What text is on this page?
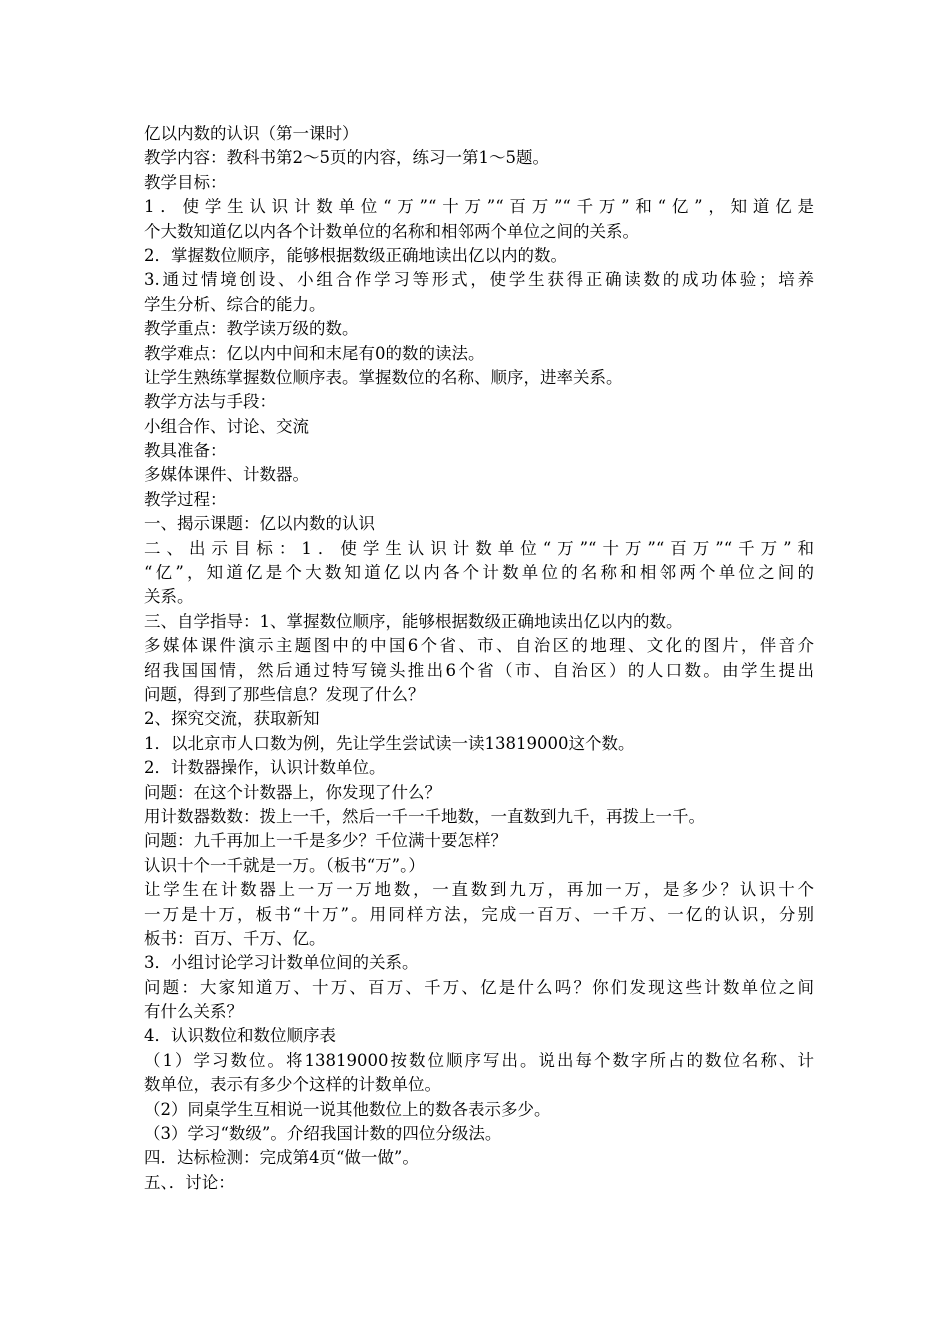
亿以内数的认识（第一课时）
教学内容：教科书第2～5页的内容，练习一第1～5题。
教学目标：
1．使学生认识计数单位“万”“十万”“百万”“千万”和“亿”，知道亿是
个大数知道亿以内各个计数单位的名称和相邻两个单位之间的关系。
2．掌握数位顺序，能够根据数级正确地读出亿以内的数。
3.通过情境创设、小组合作学习等形式，使学生获得正确读数的成功体验；培养
学生分析、综合的能力。
教学重点：教学读万级的数。
教学难点：亿以内中间和末尾有0的数的读法。
让学生熟练掌握数位顺序表。掌握数位的名称、顺序，进率关系。
教学方法与手段：
小组合作、讨论、交流
教具准备：
多媒体课件、计数器。
教学过程：
一、揭示课题：亿以内数的认识
二、出示目标：1．使学生认识计数单位“万”“十万”“百万”“千万”和
“亿”，知道亿是个大数知道亿以内各个计数单位的名称和相邻两个单位之间的
关系。
三、自学指导：1、掌握数位顺序，能够根据数级正确地读出亿以内的数。
多媒体课件演示主题图中的中国6个省、市、自治区的地理、文化的图片，伴音介
绍我国国情，然后通过特写镜头推出6个省（市、自治区）的人口数。由学生提出
问题，得到了那些信息？发现了什么？
2、探究交流，获取新知
1．以北京市人口数为例，先让学生尝试读一读13819000这个数。
2．计数器操作，认识计数单位。
问题：在这个计数器上，你发现了什么？
用计数器数数：拨上一千，然后一千一千地数，一直数到九千，再拨上一千。
问题：九千再加上一千是多少？千位满十要怎样？
认识十个一千就是一万。（板书“万”。）
让学生在计数器上一万一万地数，一直数到九万，再加一万，是多少？认识十个
一万是十万，板书“十万”。用同样方法，完成一百万、一千万、一亿的认识，分别
板书：百万、千万、亿。
3．小组讨论学习计数单位间的关系。
问题：大家知道万、十万、百万、千万、亿是什么吗？你们发现这些计数单位之间
有什么关系？
4．认识数位和数位顺序表
（1）学习数位。将13819000按数位顺序写出。说出每个数字所占的数位名称、计
数单位，表示有多少个这样的计数单位。
（2）同桌学生互相说一说其他数位上的数各表示多少。
（3）学习“数级”。介绍我国计数的四位分级法。
四．达标检测：完成第4页“做一做”。
五、．讨论：
